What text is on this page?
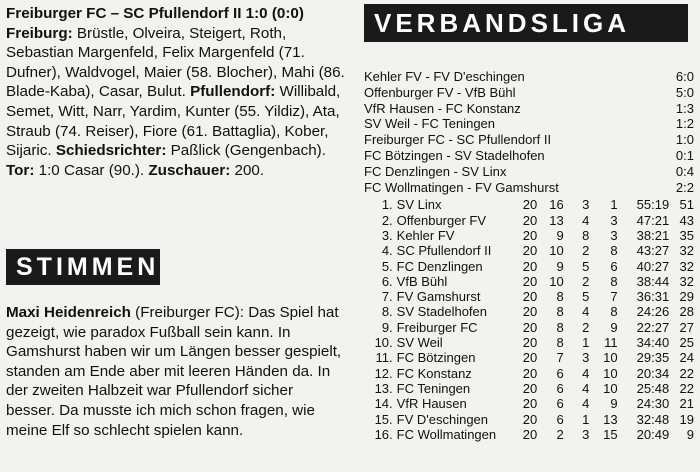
Freiburger FC – SC Pfullendorf II 1:0 (0:0)
Freiburg: Brüstle, Olveira, Steigert, Roth, Sebastian Margenfeld, Felix Margenfeld (71. Dufner), Waldvogel, Maier (58. Blocher), Mahi (86. Blade-Kaba), Casar, Bulut. Pfullendorf: Willibald, Semet, Witt, Narr, Yardim, Kunter (55. Yildiz), Ata, Straub (74. Reiser), Fiore (61. Battaglia), Kober, Sijaric. Schiedsrichter: Paßlick (Gengenbach). Tor: 1:0 Casar (90.). Zuschauer: 200.

STIMMEN

Maxi Heidenreich (Freiburger FC): Das Spiel hat gezeigt, wie paradox Fußball sein kann. In Gamshurst haben wir um Längen besser gespielt, standen am Ende aber mit leeren Händen da. In der zweiten Halbzeit war Pfullendorf sicher besser. Da musste ich mich schon fragen, wie meine Elf so schlecht spielen kann.

VERBANDSLIGA
Kehler FV - FV D'eschingen	6:0
Offenburger FV - VfB Bühl	5:0
VfR Hausen - FC Konstanz	1:3
SV Weil - FC Teningen	1:2
Freiburger FC - SC Pfullendorf II	1:0
FC Bötzingen - SV Stadelhofen	0:1
FC Denzlingen - SV Linx	0:4
FC Wollmatingen - FV Gamshurst	2:2
1.	SV Linx	20	16	3	1	55:19	51
2.	Offenburger FV	20	13	4	3	47:21	43
3.	Kehler FV	20	9	8	3	38:21	35
4.	SC Pfullendorf II	20	10	2	8	43:27	32
5.	FC Denzlingen	20	9	5	6	40:27	32
6.	VfB Bühl	20	10	2	8	38:44	32
7.	FV Gamshurst	20	8	5	7	36:31	29
8.	SV Stadelhofen	20	8	4	8	24:26	28
9.	Freiburger FC	20	8	2	9	22:27	27
10.	SV Weil	20	8	1	11	34:40	25
11.	FC Bötzingen	20	7	3	10	29:35	24
12.	FC Konstanz	20	6	4	10	20:34	22
13.	FC Teningen	20	6	4	10	25:48	22
14.	VfR Hausen	20	6	4	9	24:30	21
15.	FV D'eschingen	20	6	1	13	32:48	19
16.	FC Wollmatingen	20	2	3	15	20:49	9
